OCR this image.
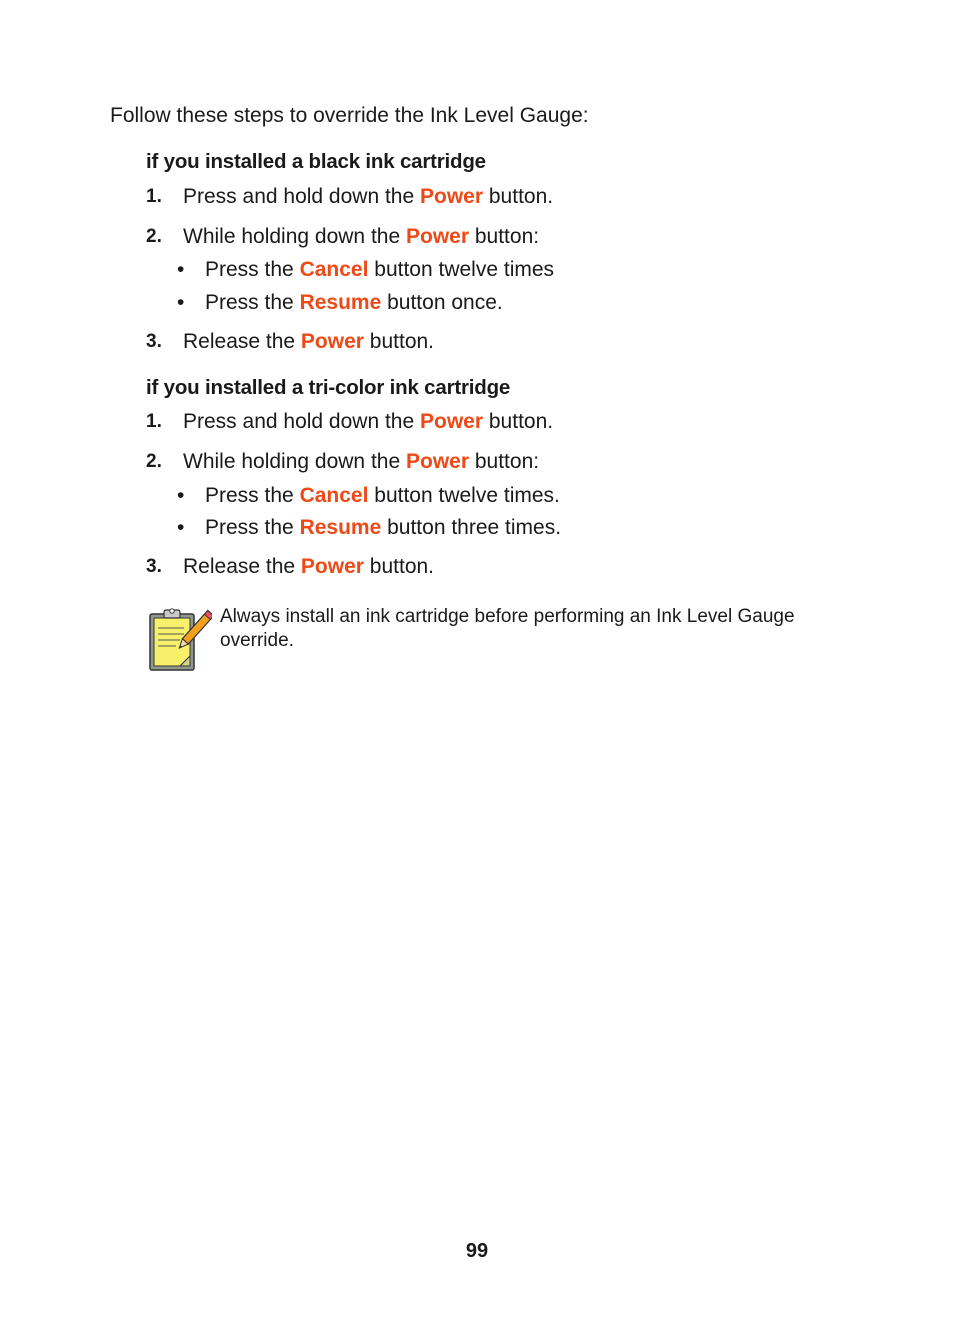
Follow these steps to override the Ink Level Gauge:
if you installed a black ink cartridge
1. Press and hold down the Power button.
2. While holding down the Power button:
• Press the Cancel button twelve times
• Press the Resume button once.
3. Release the Power button.
if you installed a tri-color ink cartridge
1. Press and hold down the Power button.
2. While holding down the Power button:
• Press the Cancel button twelve times.
• Press the Resume button three times.
3. Release the Power button.
Always install an ink cartridge before performing an Ink Level Gauge override.
99
